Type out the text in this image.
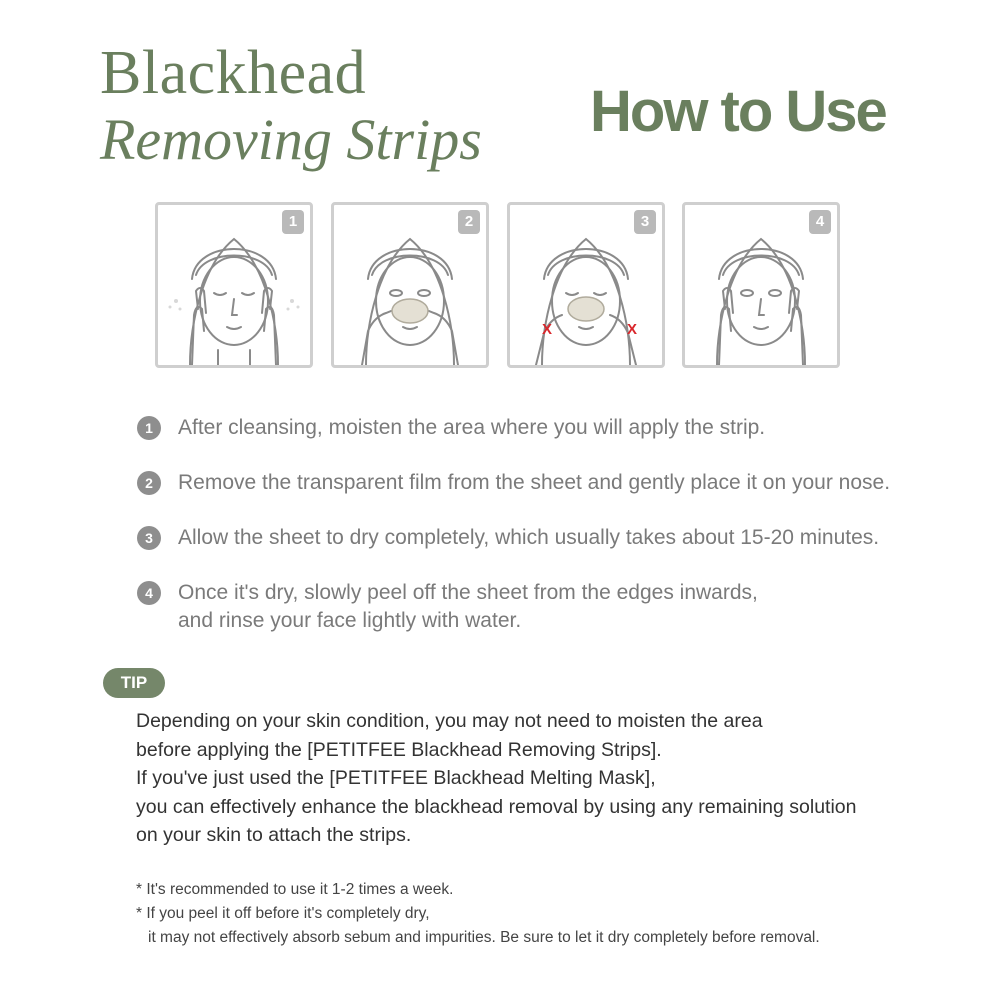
Blackhead
Removing Strips How to Use
1	2
X	X
3	4
1	After cleansing, moisten the area where you will apply the strip.
2	Remove the transparent film from the sheet and gently place it on your nose.
3	Allow the sheet to dry completely, which usually takes about 15-20 minutes.
4	Once it's dry, slowly peel off the sheet from the edges inwards,
and rinse your face lightly with water.
TIP
Depending on your skin condition, you may not need to moisten the area
before applying the [PETITFEE Blackhead Removing Strips].
If you've just used the [PETITFEE Blackhead Melting Mask],
you can effectively enhance the blackhead removal by using any remaining solution
on your skin to attach the strips.
* It's recommended to use it 1-2 times a week.
* If you peel it off before it's completely dry,
it may not effectively absorb sebum and impurities. Be sure to let it dry completely before removal.
